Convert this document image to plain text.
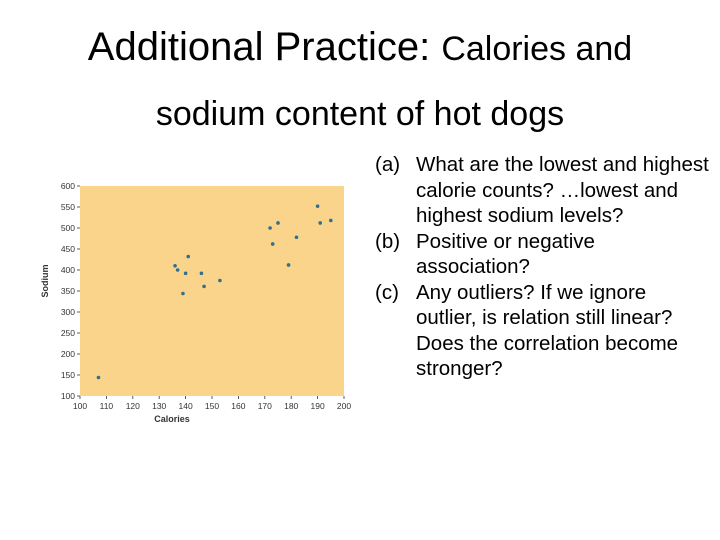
Additional Practice: Calories and
sodium content of hot dogs
100
150
200
250
300
350
400
450
500
550
600
100 110 120 130 140 150 160 170 180 190 200
Calories
Sodium
(a) What are the lowest and highest calorie counts? …lowest and highest sodium levels?
(b) Positive or negative association?
(c) Any outliers? If we ignore outlier, is relation still linear? Does the correlation become stronger?
